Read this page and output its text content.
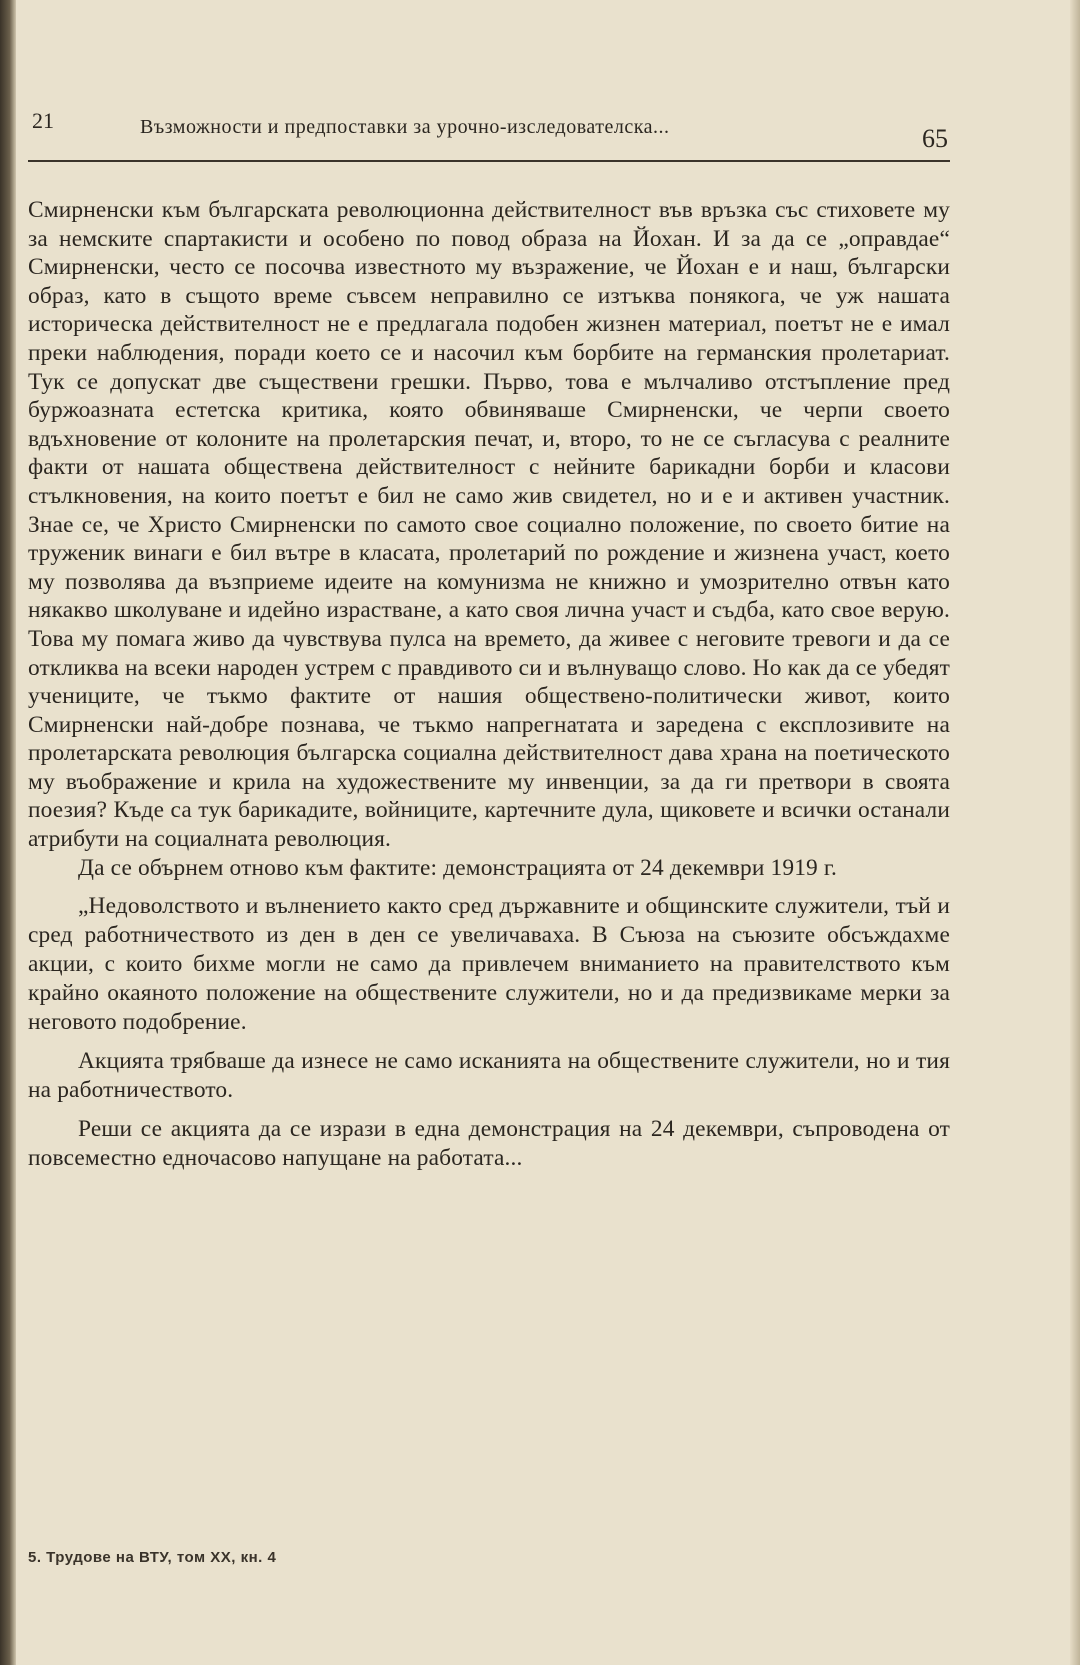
21	Възможности и предпоставки за урочно-изследователска...	65

Смирненски към българската революционна действителност във връзка със стиховете му за немските спартакисти и особено по повод образа на Йохан. И за да се „оправдае“ Смирненски, често се посочва известното му възражение, че Йохан е и наш, български образ, като в същото време съвсем неправилно се изтъква понякога, че уж нашата историческа действителност не е предлагала подобен жизнен материал, поетът не е имал преки наблюдения, поради което се и насочил към борбите на германския пролетариат. Тук се допускат две съществени грешки. Първо, това е мълчаливо отстъпление пред буржоазната естетска критика, която обвиняваше Смирненски, че черпи своето вдъхновение от колоните на пролетарския печат, и, второ, то не се съгласува с реалните факти от нашата обществена действителност с нейните барикадни борби и класови стълкновения, на които поетът е бил не само жив свидетел, но и е и активен участник. Знае се, че Христо Смирненски по самото свое социално положение, по своето битие на труженик винаги е бил вътре в класата, пролетарий по рождение и жизнена участ, което му позволява да възприеме идеите на комунизма не книжно и умозрително отвън като някакво школуване и идейно израстване, а като своя лична участ и съдба, като свое верую. Това му помага живо да чувствува пулса на времето, да живее с неговите тревоги и да се откликва на всеки народен устрем с правдивото си и вълнуващо слово. Но как да се убедят учениците, че тъкмо фактите от нашия обществено-политически живот, които Смирненски най-добре познава, че тъкмо напрегнатата и заредена с експлозивите на пролетарската революция българска социална действителност дава храна на поетическото му въображение и крила на художествените му инвенции, за да ги претвори в своята поезия? Къде са тук барикадите, войниците, картечните дула, щиковете и всички останали атрибути на социалната революция.

Да се обърнем отново към фактите: демонстрацията от 24 декември 1919 г.

„Недоволството и вълнението както сред държавните и общинските служители, тъй и сред работничеството из ден в ден се увеличаваха. В Съюза на съюзите обсъждахме акции, с които бихме могли не само да привлечем вниманието на правителството към крайно окаяното положение на обществените служители, но и да предизвикаме мерки за неговото подобрение.

Акцията трябваше да изнесе не само исканията на обществените служители, но и тия на работничеството.

Реши се акцията да се изрази в една демонстрация на 24 декември, съпроводена от повсеместно едночасово напущане на работата...

5. Трудове на ВТУ, том XX, кн. 4
